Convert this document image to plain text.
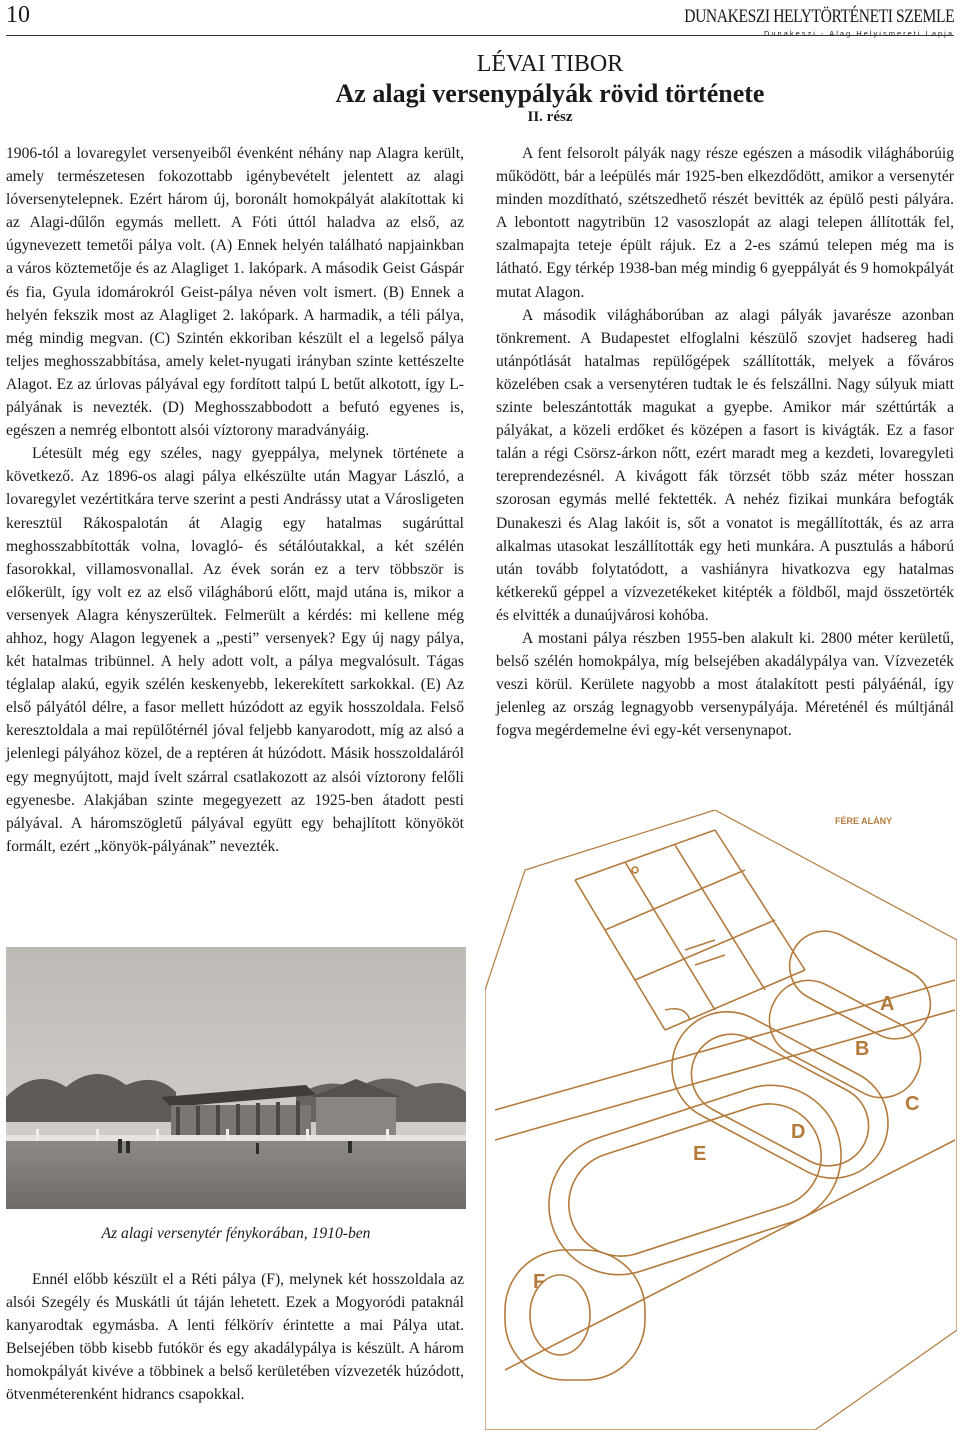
10	DUNAKESZI HELYTÖRTÉNETI SZEMLE
Dunakeszi - Alag Helyismereti Lapja
LÉVAI TIBOR
Az alagi versenypályák rövid története
II. rész

1906-tól a lovaregylet versenyeiből évenként néhány nap Alagra került, amely természetesen fokozottabb igénybevételt jelentett az alagi lóversenytelepnek. Ezért három új, boronált homokpályát alakítottak ki az Alagi-dűlőn egymás mellett. A Fóti úttól haladva az első, az úgynevezett temetői pálya volt. (A) Ennek helyén található napjainkban a város köztemetője és az Alagliget 1. lakópark. A második Geist Gáspár és fia, Gyula idomárokról Geist-pálya néven volt ismert. (B) Ennek a helyén fekszik most az Alagliget 2. lakópark. A harmadik, a téli pálya, még mindig megvan. (C) Szintén ekkoriban készült el a legelső pálya teljes meghosszabbítása, amely kelet-nyugati irányban szinte kettészelte Alagot. Ez az úrlovas pályával egy fordított talpú L betűt alkotott, így L-pályának is nevezték. (D) Meghosszabbodott a befutó egyenes is, egészen a nemrég elbontott alsói víztorony maradványáig.

Létesült még egy széles, nagy gyeppálya, melynek története a következő. Az 1896-os alagi pálya elkészülte után Magyar László, a lovaregylet vezértitkára terve szerint a pesti Andrássy utat a Városligeten keresztül Rákospalotán át Alagig egy hatalmas sugárúttal meghosszabbították volna, lovagló- és sétálóutakkal, a két szélén fasorokkal, villamosvonallal. Az évek során ez a terv többször is előkerült, így volt ez az első világháború előtt, majd utána is, mikor a versenyek Alagra kényszerültek. Felmerült a kérdés: mi kellene még ahhoz, hogy Alagon legyenek a „pesti” versenyek? Egy új nagy pálya, két hatalmas tribünnel. A hely adott volt, a pálya megvalósult. Tágas téglalap alakú, egyik szélén keskenyebb, lekerekített sarkokkal. (E) Az első pályától délre, a fasor mellett húzódott az egyik hosszoldala. Felső keresztoldala a mai repülőtérnél jóval feljebb kanyarodott, míg az alsó a jelenlegi pályához közel, de a reptéren át húzódott. Másik hosszoldaláról egy megnyújtott, majd ívelt szárral csatlakozott az alsói víztorony felőli egyenesbe. Alakjában szinte megegyezett az 1925-ben átadott pesti pályával. A háromszögletű pályával együtt egy behajlított könyököt formált, ezért „könyök-pályának” nevezték.

A fent felsorolt pályák nagy része egészen a második világháborúig működött, bár a leépülés már 1925-ben elkezdődött, amikor a versenytér minden mozdítható, szétszedhető részét bevitték az épülő pesti pályára. A lebontott nagytribün 12 vasoszlopát az alagi telepen állították fel, szalmapajta teteje épült rájuk. Ez a 2-es számú telepen még ma is látható. Egy térkép 1938-ban még mindig 6 gyeppályát és 9 homokpályát mutat Alagon.

A második világháborúban az alagi pályák javarésze azonban tönkrement. A Budapestet elfoglalni készülő szovjet hadsereg hadi utánpótlását hatalmas repülőgépek szállították, melyek a főváros közelében csak a versenytéren tudtak le és felszállni. Nagy súlyuk miatt szinte beleszántották magukat a gyepbe. Amikor már széttúrták a pályákat, a közeli erdőket és középen a fasort is kivágták. Ez a fasor talán a régi Csörsz-árkon nőtt, ezért maradt meg a kezdeti, lovaregyleti tereprendezésnél. A kivágott fák törzsét több száz méter hosszan szorosan egymás mellé fektették. A nehéz fizikai munkára befogták Dunakeszi és Alag lakóit is, sőt a vonatot is megállították, és az arra alkalmas utasokat leszállították egy heti munkára. A pusztulás a háború után tovább folytatódott, a vashiányra hivatkozva egy hatalmas kétkerekű géppel a vízvezetékeket kitépték a földből, majd összetörték és elvitték a dunaújvárosi kohóba.

A mostani pálya részben 1955-ben alakult ki. 2800 méter kerületű, belső szélén homokpálya, míg belsejében akadálypálya van. Vízvezeték veszi körül. Kerülete nagyobb a most átalakított pesti pályáénál, így jelenleg az ország legnagyobb versenypályája. Méreténél és múltjánál fogva megérdemelne évi egy-két versenynapot.

Az alagi versenytér fénykorában, 1910-ben

Ennél előbb készült el a Réti pálya (F), melynek két hosszoldala az alsói Szegély és Muskátli út táján lehetett. Ezek a Mogyoródi pataknál kanyarodtak egymásba. A lenti félkörív érintette a mai Pálya utat. Belsejében több kisebb futókör és egy akadálypálya is készült. A három homokpályát kivéve a többinek a belső kerületében vízvezeték húzódott, ötvenméterenként hidrancs csapokkal.

FÉRE ALÁNY
A
B
C
D
E
F
